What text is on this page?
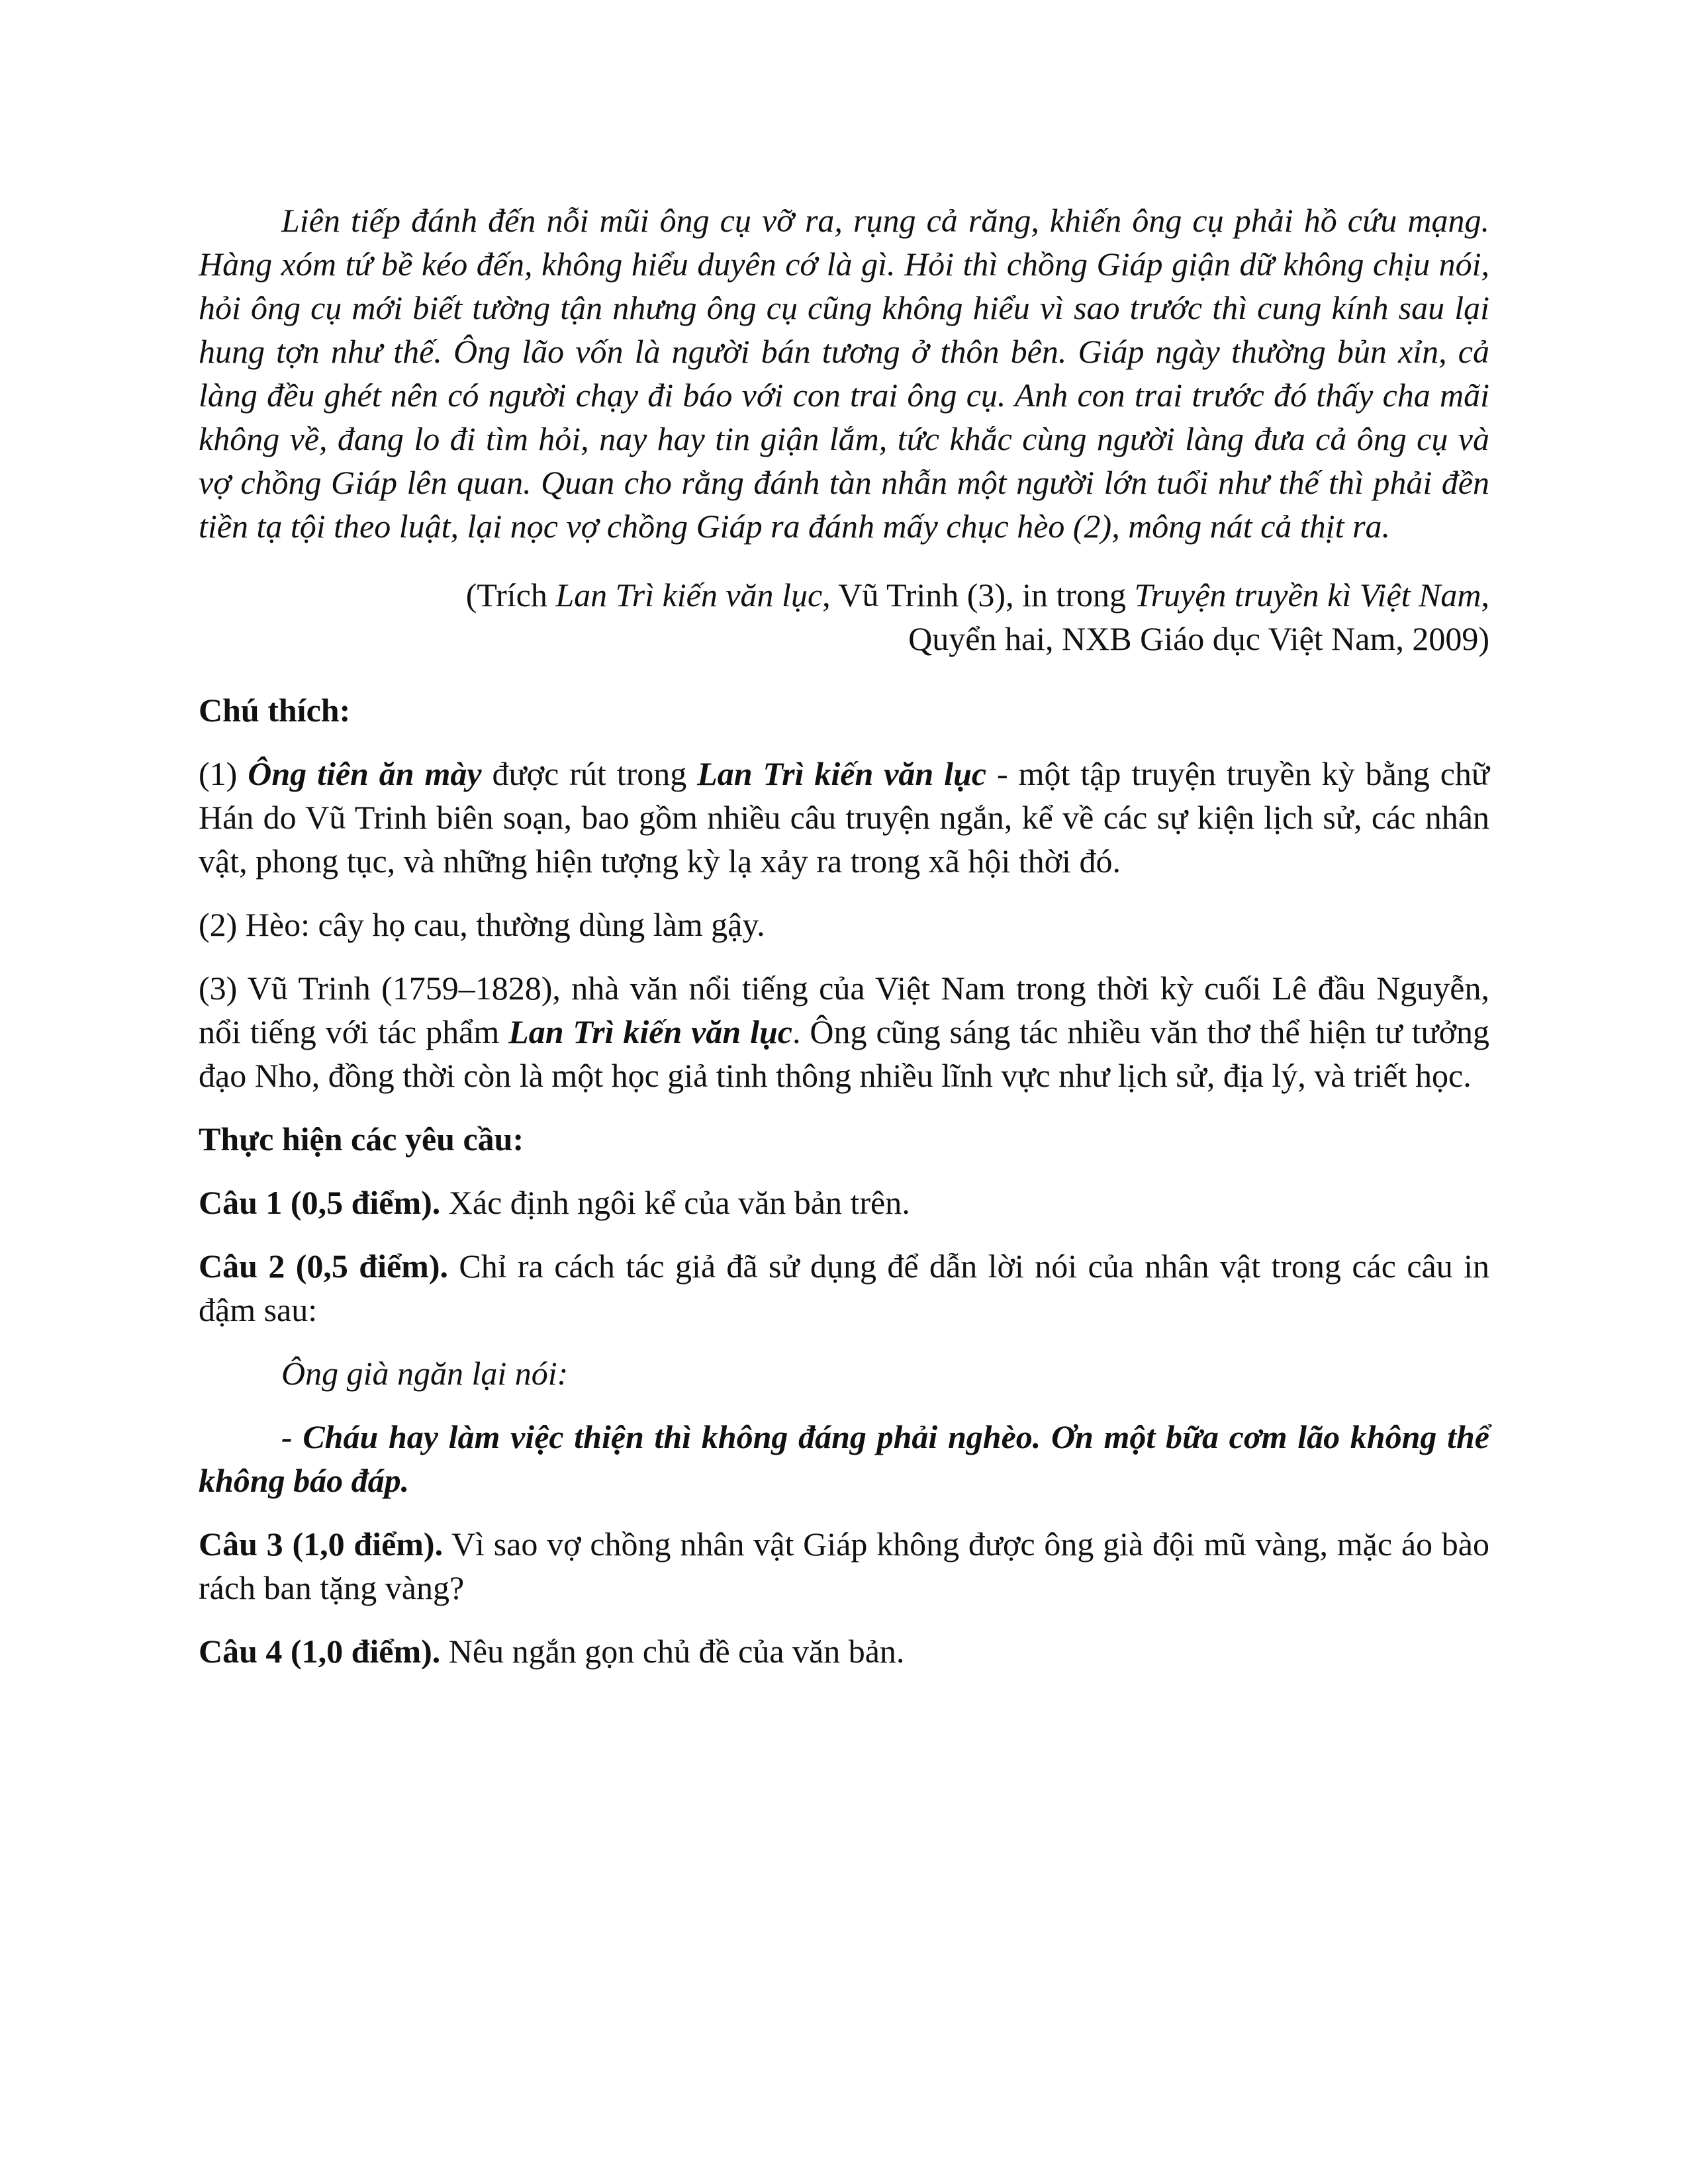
Liên tiếp đánh đến nỗi mũi ông cụ vỡ ra, rụng cả răng, khiến ông cụ phải hồ cứu mạng. Hàng xóm tứ bề kéo đến, không hiểu duyên cớ là gì. Hỏi thì chồng Giáp giận dữ không chịu nói, hỏi ông cụ mới biết tường tận nhưng ông cụ cũng không hiểu vì sao trước thì cung kính sau lại hung tợn như thế. Ông lão vốn là người bán tương ở thôn bên. Giáp ngày thường bủn xỉn, cả làng đều ghét nên có người chạy đi báo với con trai ông cụ. Anh con trai trước đó thấy cha mãi không về, đang lo đi tìm hỏi, nay hay tin giận lắm, tức khắc cùng người làng đưa cả ông cụ và vợ chồng Giáp lên quan. Quan cho rằng đánh tàn nhẫn một người lớn tuổi như thế thì phải đền tiền tạ tội theo luật, lại nọc vợ chồng Giáp ra đánh mấy chục hèo (2), mông nát cả thịt ra.

(Trích Lan Trì kiến văn lục, Vũ Trinh (3), in trong Truyện truyền kì Việt Nam,
Quyển hai, NXB Giáo dục Việt Nam, 2009)

Chú thích:

(1) Ông tiên ăn mày được rút trong Lan Trì kiến văn lục - một tập truyện truyền kỳ bằng chữ Hán do Vũ Trinh biên soạn, bao gồm nhiều câu truyện ngắn, kể về các sự kiện lịch sử, các nhân vật, phong tục, và những hiện tượng kỳ lạ xảy ra trong xã hội thời đó.

(2) Hèo: cây họ cau, thường dùng làm gậy.

(3) Vũ Trinh (1759–1828), nhà văn nổi tiếng của Việt Nam trong thời kỳ cuối Lê đầu Nguyễn, nổi tiếng với tác phẩm Lan Trì kiến văn lục. Ông cũng sáng tác nhiều văn thơ thể hiện tư tưởng đạo Nho, đồng thời còn là một học giả tinh thông nhiều lĩnh vực như lịch sử, địa lý, và triết học.

Thực hiện các yêu cầu:

Câu 1 (0,5 điểm). Xác định ngôi kể của văn bản trên.

Câu 2 (0,5 điểm). Chỉ ra cách tác giả đã sử dụng để dẫn lời nói của nhân vật trong các câu in đậm sau:

Ông già ngăn lại nói:

- Cháu hay làm việc thiện thì không đáng phải nghèo. Ơn một bữa cơm lão không thể không báo đáp.

Câu 3 (1,0 điểm). Vì sao vợ chồng nhân vật Giáp không được ông già đội mũ vàng, mặc áo bào rách ban tặng vàng?

Câu 4 (1,0 điểm). Nêu ngắn gọn chủ đề của văn bản.
